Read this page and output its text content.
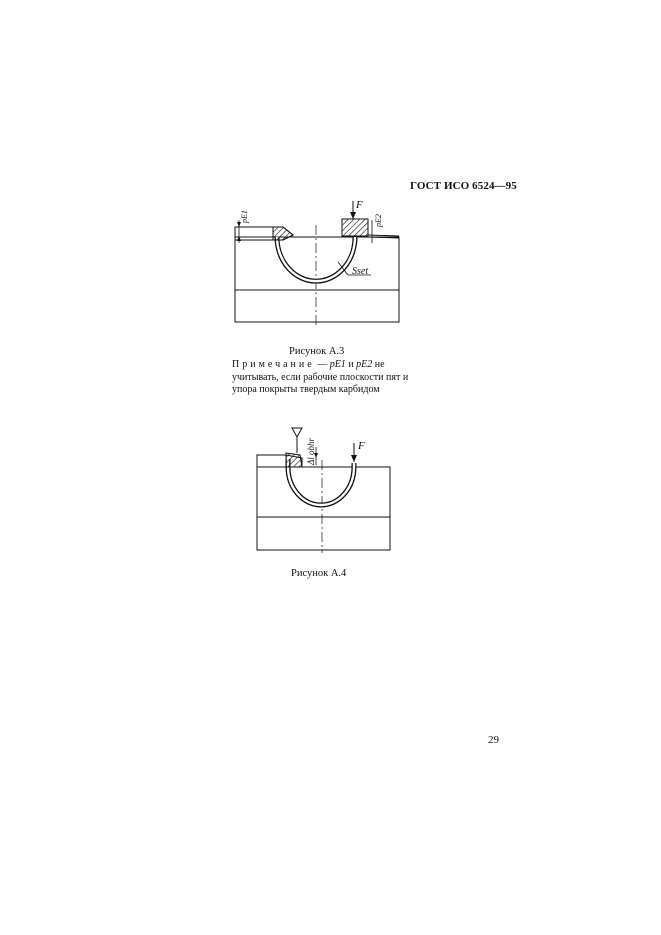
ГОСТ ИСО 6524—95
F
pE1	pE2
Sset
Рисунок А.3
Примечание — pE1 и pE2 не учитывать, если рабочие плоскости пят и упора покрыты твердым карбидом
F
Δl obhr
Рисунок А.4
29
